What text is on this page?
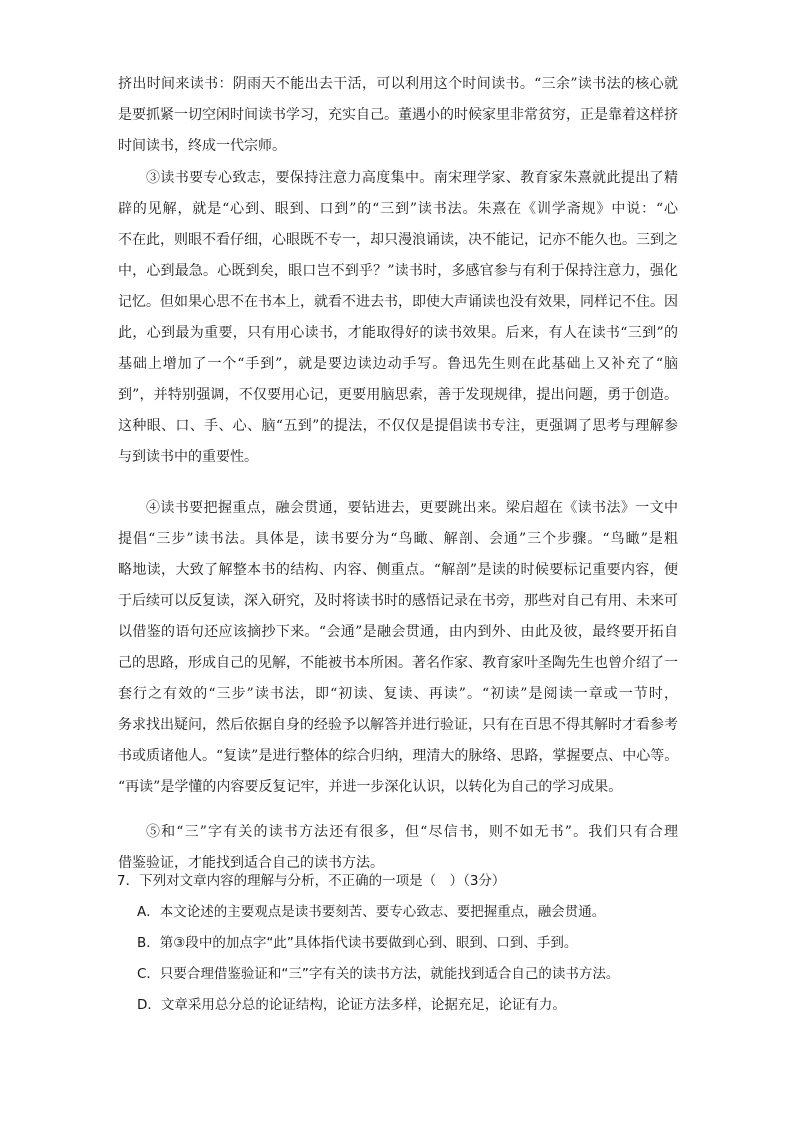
挤出时间来读书：阴雨天不能出去干活，可以利用这个时间读书。“三余”读书法的核心就
是要抓紧一切空闲时间读书学习，充实自己。董遇小的时候家里非常贫穷，正是靠着这样挤
时间读书，终成一代宗师。
③读书要专心致志，要保持注意力高度集中。南宋理学家、教育家朱熹就此提出了精
辟的见解，就是“心到、眼到、口到”的“三到”读书法。朱熹在《训学斋规》中说：“心
不在此，则眼不看仔细，心眼既不专一，却只漫浪诵读，决不能记，记亦不能久也。三到之
中，心到最急。心既到矣，眼口岂不到乎？”读书时，多感官参与有利于保持注意力，强化
记忆。但如果心思不在书本上，就看不进去书，即使大声诵读也没有效果，同样记不住。因
此，心到最为重要，只有用心读书，才能取得好的读书效果。后来，有人在读书“三到”的
基础上增加了一个“手到”，就是要边读边动手写。鲁迅先生则在此基础上又补充了“脑
到”，并特别强调，不仅要用心记，更要用脑思索，善于发现规律，提出问题，勇于创造。
这种眼、口、手、心、脑“五到”的提法，不仅仅是提倡读书专注，更强调了思考与理解参
与到读书中的重要性。
④读书要把握重点，融会贯通，要钻进去，更要跳出来。梁启超在《读书法》一文中
提倡“三步”读书法。具体是，读书要分为“鸟瞰、解剖、会通”三个步骤。“鸟瞰”是粗
略地读，大致了解整本书的结构、内容、侧重点。“解剖”是读的时候要标记重要内容，便
于后续可以反复读，深入研究，及时将读书时的感悟记录在书旁，那些对自己有用、未来可
以借鉴的语句还应该摘抄下来。“会通”是融会贯通，由内到外、由此及彼，最终要开拓自
己的思路，形成自己的见解，不能被书本所困。著名作家、教育家叶圣陶先生也曾介绍了一
套行之有效的“三步”读书法，即“初读、复读、再读”。“初读”是阅读一章或一节时，
务求找出疑问，然后依据自身的经验予以解答并进行验证，只有在百思不得其解时才看参考
书或质诸他人。“复读”是进行整体的综合归纳，理清大的脉络、思路，掌握要点、中心等。
“再读”是学懂的内容要反复记牢，并进一步深化认识，以转化为自己的学习成果。
⑤和“三”字有关的读书方法还有很多，但“尽信书，则不如无书”。我们只有合理
借鉴验证，才能找到适合自己的读书方法。
7．下列对文章内容的理解与分析，不正确的一项是（　）（3分）
A．本文论述的主要观点是读书要刻苦、要专心致志、要把握重点，融会贯通。
B．第③段中的加点字“此”具体指代读书要做到心到、眼到、口到、手到。
C．只要合理借鉴验证和“三”字有关的读书方法，就能找到适合自己的读书方法。
D．文章采用总分总的论证结构，论证方法多样，论据充足，论证有力。
